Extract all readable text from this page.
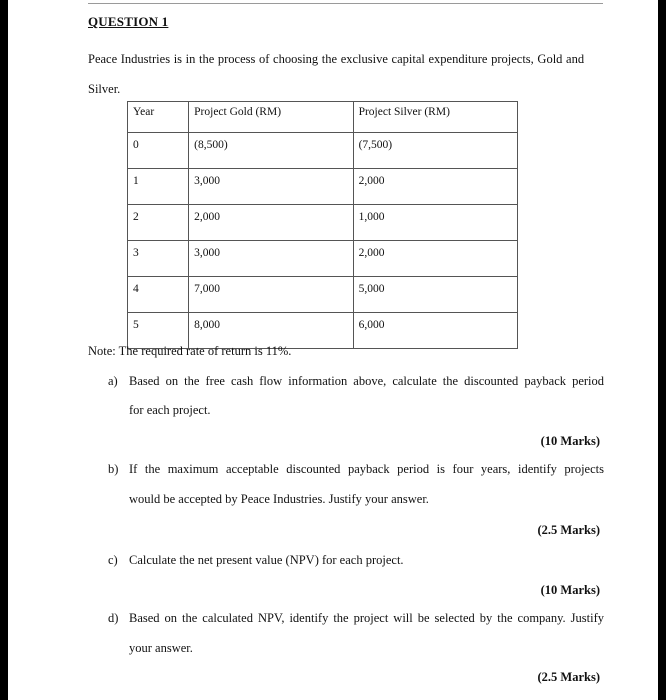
QUESTION 1
Peace Industries is in the process of choosing the exclusive capital expenditure projects, Gold and Silver.
Year	Project Gold (RM)	Project Silver (RM)
0	(8,500)	(7,500)
1	3,000	2,000
2	2,000	1,000
3	3,000	2,000
4	7,000	5,000
5	8,000	6,000
Note: The required rate of return is 11%.
a) Based on the free cash flow information above, calculate the discounted payback period
for each project.
(10 Marks)
b) If the maximum acceptable discounted payback period is four years, identify projects
would be accepted by Peace Industries. Justify your answer.
(2.5 Marks)
c) Calculate the net present value (NPV) for each project.
(10 Marks)
d) Based on the calculated NPV, identify the project will be selected by the company. Justify
your answer.
(2.5 Marks)
